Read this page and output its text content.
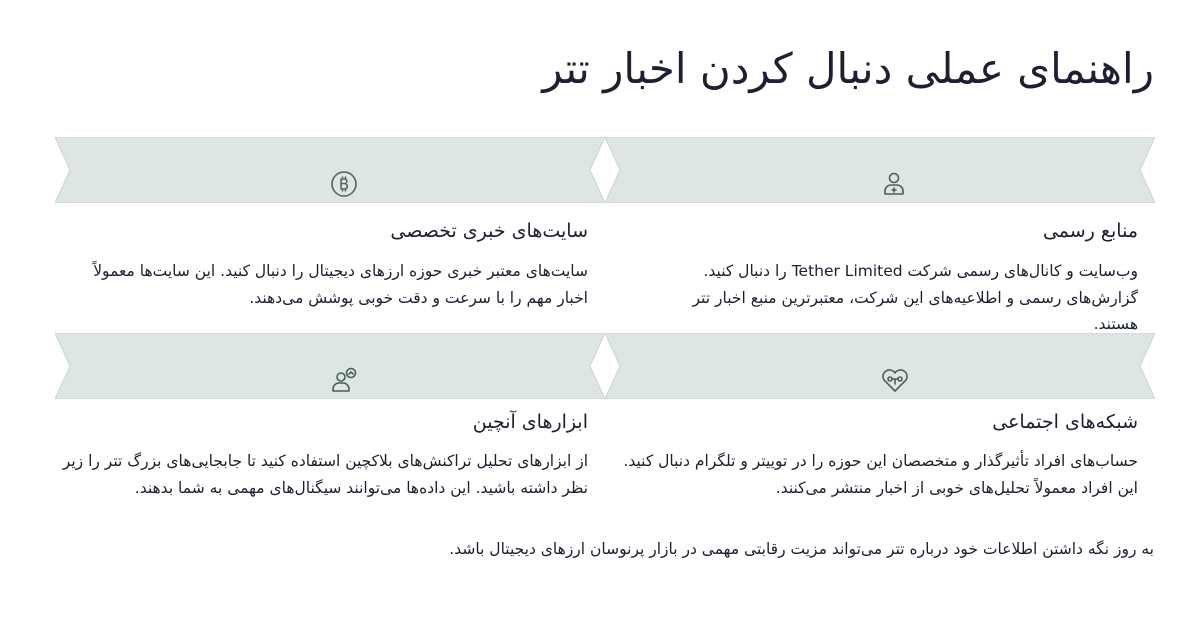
راهنمای عملی دنبال کردن اخبار تتر
منابع رسمی

وب‌سایت و کانال‌های رسمی شرکت Tether Limited را دنبال کنید. گزارش‌های رسمی و اطلاعیه‌های این شرکت، معتبرترین منبع اخبار تتر هستند.

B
سایت‌های خبری تخصصی

سایت‌های معتبر خبری حوزه ارزهای دیجیتال را دنبال کنید. این سایت‌ها معمولاً اخبار مهم را با سرعت و دقت خوبی پوشش می‌دهند.

شبکه‌های اجتماعی

حساب‌های افراد تأثیرگذار و متخصصان این حوزه را در توییتر و تلگرام دنبال کنید. این افراد معمولاً تحلیل‌های خوبی از اخبار منتشر می‌کنند.

ابزارهای آنچین

از ابزارهای تحلیل تراکنش‌های بلاکچین استفاده کنید تا جابجایی‌های بزرگ تتر را زیر نظر داشته باشید. این داده‌ها می‌توانند سیگنال‌های مهمی به شما بدهند.

به روز نگه داشتن اطلاعات خود درباره تتر می‌تواند مزیت رقابتی مهمی در بازار پرنوسان ارزهای دیجیتال باشد.
